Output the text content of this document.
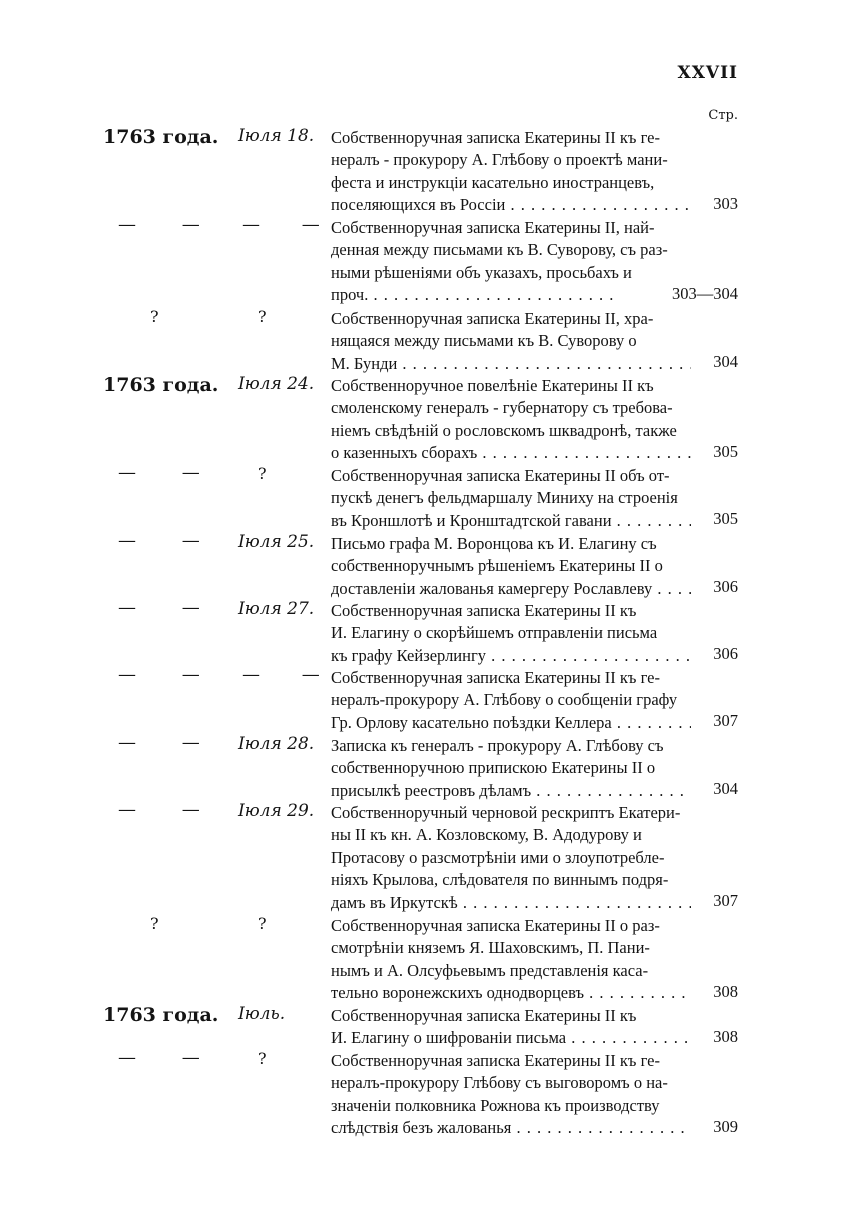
XXVII
Стр.
1763 года. Іюля 18. Собственноручная записка Екатерины II къ ге-
нералъ - прокурору А. Глѣбову о проектѣ мани-
феста и инструкціи касательно иностранцевъ,
поселяющихся въ Россіи . . .	303
— — — —
Собственноручная записка Екатерины II, най-
денная между письмами къ В. Суворову, съ раз-
ными рѣшеніями объ указахъ, просьбахъ и
проч. . . .	303—304
?	?	Собственноручная записка Екатерины II, хра-
нящаяся между письмами къ В. Суворову о
М. Бунди . . .	304
1763 года. Іюля 24. Собственноручное повелѣніе Екатерины II къ
смоленскому генералъ - губернатору съ требова-
ніемъ свѣдѣній о рословскомъ шквадронѣ, также
о казенныхъ сборахъ . . .	305
— — ?	Собственноручная записка Екатерины II объ от-
пускѣ денегъ фельдмаршалу Миниху на строенія
въ Кроншлотѣ и Кронштадтской гавани . . .	305
— — Іюля 25. Письмо графа М. Воронцова къ И. Елагину съ
собственноручнымъ рѣшеніемъ Екатерины II о
доставленіи жалованья камергеру Рославлеву . . .	306
— — Іюля 27. Собственноручная записка Екатерины II къ
И. Елагину о скорѣйшемъ отправленіи письма
къ графу Кейзерлингу . . .	306
— — — —
Собственноручная записка Екатерины II къ ге-
нералъ-прокурору А. Глѣбову о сообщеніи графу
Гр. Орлову касательно поѣздки Келлера . . .	307
— — Іюля 28. Записка къ генералъ - прокурору А. Глѣбову съ
собственноручною припискою Екатерины II о
присылкѣ реестровъ дѣламъ . . .	304
— — Іюля 29. Собственноручный черновой рескриптъ Екатери-
ны II къ кн. А. Козловскому, В. Адодурову и
Протасову о разсмотрѣніи ими о злоупотребле-
ніяхъ Крылова, слѣдователя по виннымъ подря-
дамъ въ Иркутскѣ . . .	307
?	?	Собственноручная записка Екатерины II о раз-
смотрѣніи княземъ Я. Шаховскимъ, П. Пани-
нымъ и А. Олсуфьевымъ представленія каса-
тельно воронежскихъ однодворцевъ . . .	308
1763 года. Іюль.	Собственноручная записка Екатерины II къ
И. Елагину о шифрованіи письма . . .	308
— — ?	Собственноручная записка Екатерины II къ ге-
нералъ-прокурору Глѣбову съ выговоромъ о на-
значеніи полковника Рожнова къ производству
слѣдствія безъ жалованья . . .	309
